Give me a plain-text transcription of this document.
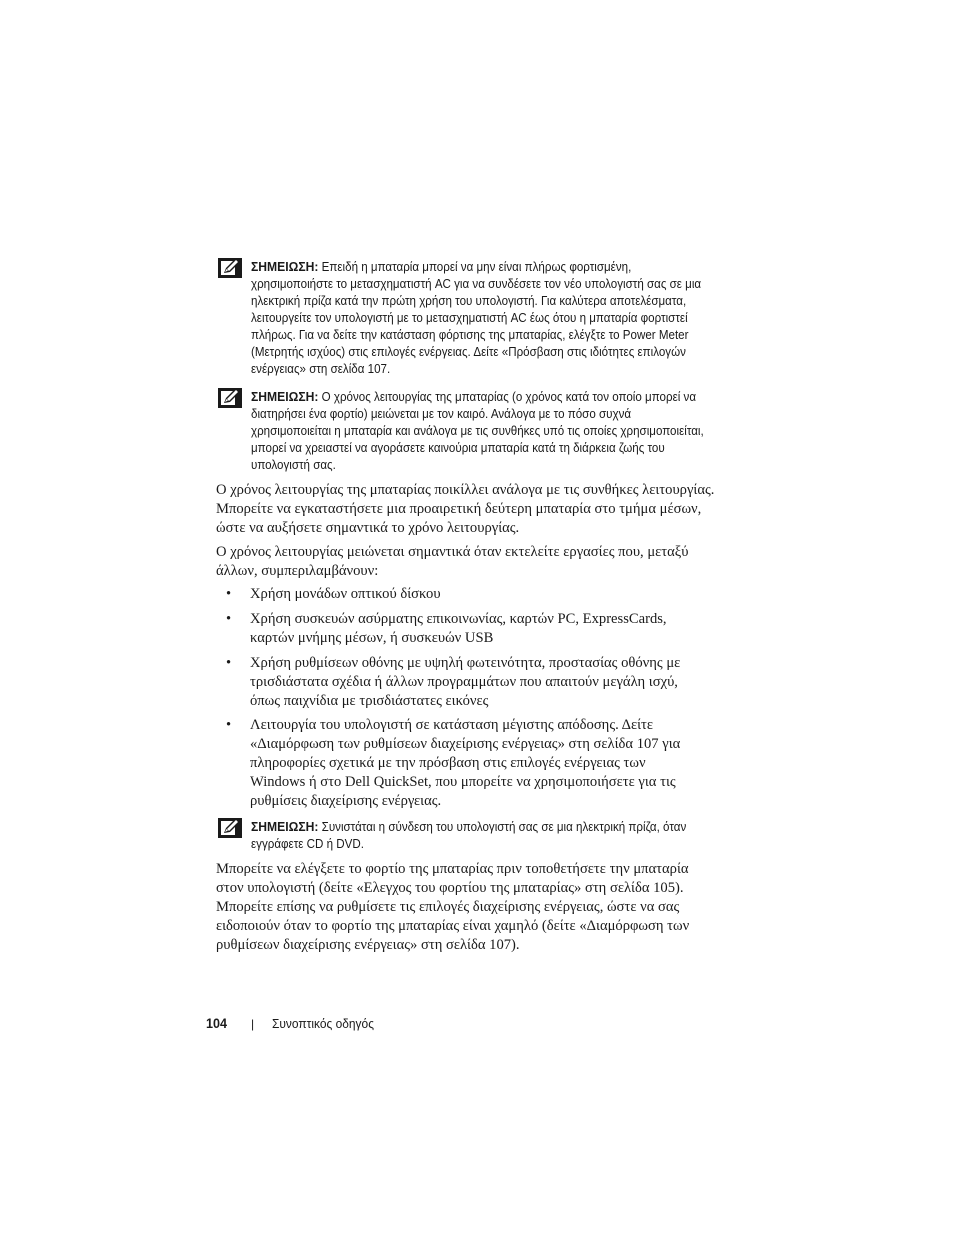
ΣΗΜΕΙΩΣΗ: Επειδή η μπαταρία μπορεί να μην είναι πλήρως φορτισμένη, χρησιμοποιήστε το μετασχηματιστή AC για να συνδέσετε τον νέο υπολογιστή σας σε μια ηλεκτρική πρίζα κατά την πρώτη χρήση του υπολογιστή. Για καλύτερα αποτελέσματα, λειτουργείτε τον υπολογιστή με το μετασχηματιστή AC έως ότου η μπαταρία φορτιστεί πλήρως. Για να δείτε την κατάσταση φόρτισης της μπαταρίας, ελέγξτε το Power Meter (Μετρητής ισχύος) στις επιλογές ενέργειας. Δείτε «Πρόσβαση στις ιδιότητες επιλογών ενέργειας» στη σελίδα 107.
ΣΗΜΕΙΩΣΗ: Ο χρόνος λειτουργίας της μπαταρίας (ο χρόνος κατά τον οποίο μπορεί να διατηρήσει ένα φορτίο) μειώνεται με τον καιρό. Ανάλογα με το πόσο συχνά χρησιμοποιείται η μπαταρία και ανάλογα με τις συνθήκες υπό τις οποίες χρησιμοποιείται, μπορεί να χρειαστεί να αγοράσετε καινούρια μπαταρία κατά τη διάρκεια ζωής του υπολογιστή σας.

Ο χρόνος λειτουργίας της μπαταρίας ποικίλλει ανάλογα με τις συνθήκες λειτουργίας. Μπορείτε να εγκαταστήσετε μια προαιρετική δεύτερη μπαταρία στο τμήμα μέσων, ώστε να αυξήσετε σημαντικά το χρόνο λειτουργίας.

Ο χρόνος λειτουργίας μειώνεται σημαντικά όταν εκτελείτε εργασίες που, μεταξύ άλλων, συμπεριλαμβάνουν:

• Χρήση μονάδων οπτικού δίσκου
• Χρήση συσκευών ασύρματης επικοινωνίας, καρτών PC, ExpressCards, καρτών μνήμης μέσων, ή συσκευών USB
• Χρήση ρυθμίσεων οθόνης με υψηλή φωτεινότητα, προστασίας οθόνης με τρισδιάστατα σχέδια ή άλλων προγραμμάτων που απαιτούν μεγάλη ισχύ, όπως παιχνίδια με τρισδιάστατες εικόνες
• Λειτουργία του υπολογιστή σε κατάσταση μέγιστης απόδοσης. Δείτε «Διαμόρφωση των ρυθμίσεων διαχείρισης ενέργειας» στη σελίδα 107 για πληροφορίες σχετικά με την πρόσβαση στις επιλογές ενέργειας των Windows ή στο Dell QuickSet, που μπορείτε να χρησιμοποιήσετε για τις ρυθμίσεις διαχείρισης ενέργειας.
ΣΗΜΕΙΩΣΗ: Συνιστάται η σύνδεση του υπολογιστή σας σε μια ηλεκτρική πρίζα, όταν εγγράφετε CD ή DVD.

Μπορείτε να ελέγξετε το φορτίο της μπαταρίας πριν τοποθετήσετε την μπαταρία στον υπολογιστή (δείτε «Ελεγχος του φορτίου της μπαταρίας» στη σελίδα 105). Μπορείτε επίσης να ρυθμίσετε τις επιλογές διαχείρισης ενέργειας, ώστε να σας ειδοποιούν όταν το φορτίο της μπαταρίας είναι χαμηλό (δείτε «Διαμόρφωση των ρυθμίσεων διαχείρισης ενέργειας» στη σελίδα 107).

104 | Συνοπτικός οδηγός
